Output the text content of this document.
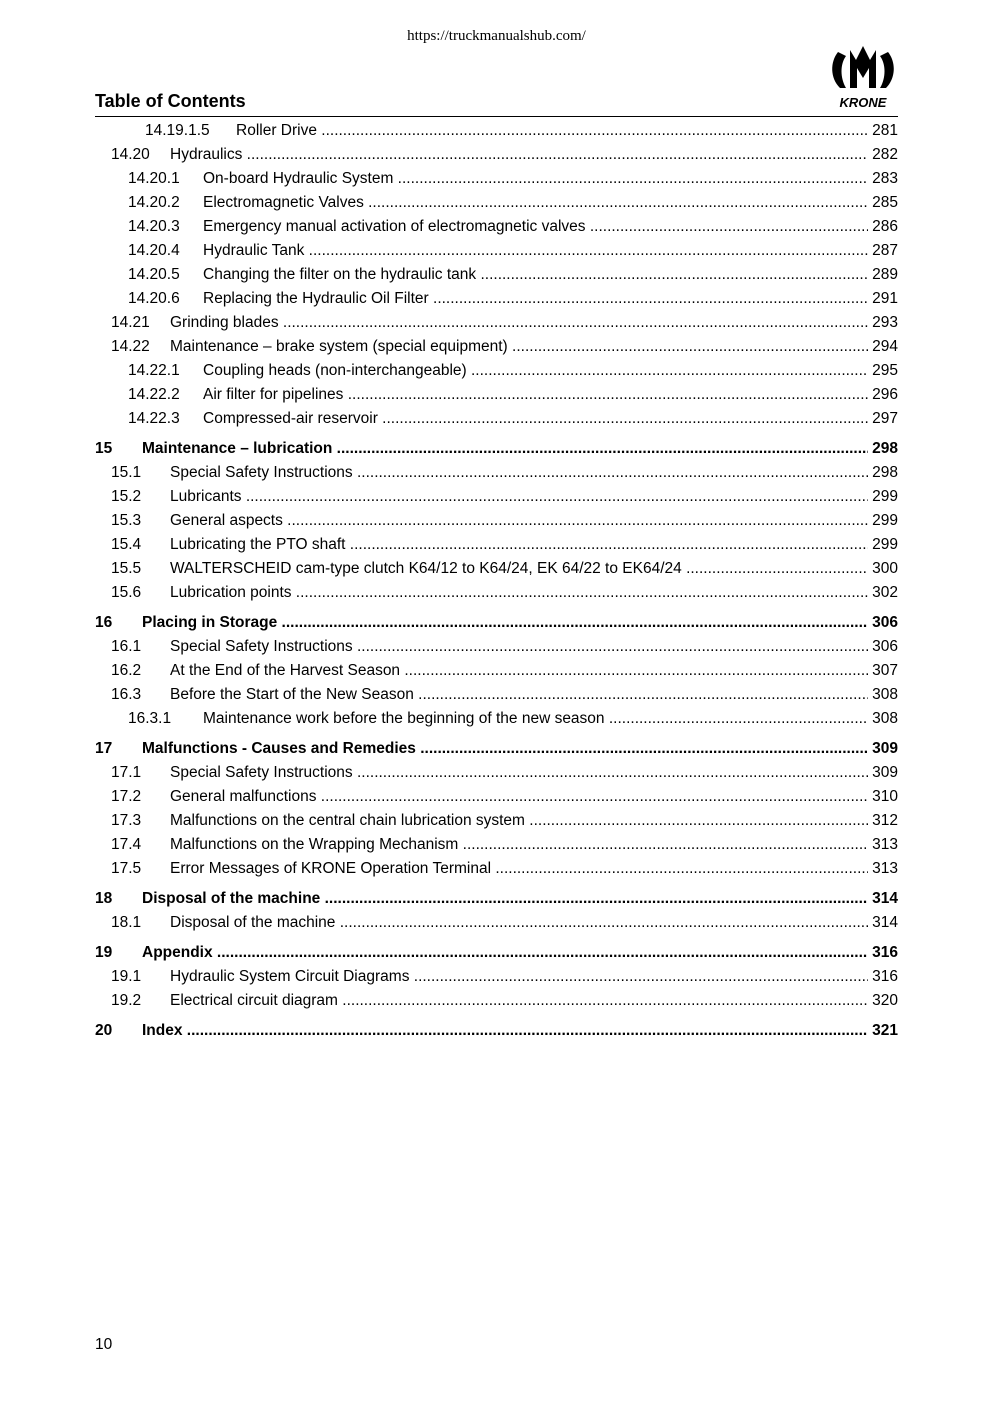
https://truckmanualshub.com/
KRONE
Table of Contents
14.19.1.5 Roller Drive .....	281
14.20 Hydraulics .....	282
14.20.1 On-board Hydraulic System .....	283
14.20.2 Electromagnetic Valves .....	285
14.20.3 Emergency manual activation of electromagnetic valves .....	286
14.20.4 Hydraulic Tank .....	287
14.20.5 Changing the filter on the hydraulic tank .....	289
14.20.6 Replacing the Hydraulic Oil Filter .....	291
14.21 Grinding blades .....	293
14.22 Maintenance – brake system (special equipment) .....	294
14.22.1 Coupling heads (non-interchangeable) .....	295
14.22.2 Air filter for pipelines .....	296
14.22.3 Compressed-air reservoir .....	297
15 Maintenance – lubrication .....	298
15.1 Special Safety Instructions .....	298
15.2 Lubricants .....	299
15.3 General aspects .....	299
15.4 Lubricating the PTO shaft .....	299
15.5 WALTERSCHEID cam-type clutch K64/12 to K64/24, EK 64/22 to EK64/24 .....	300
15.6 Lubrication points .....	302
16 Placing in Storage .....	306
16.1 Special Safety Instructions .....	306
16.2 At the End of the Harvest Season .....	307
16.3 Before the Start of the New Season .....	308
16.3.1 Maintenance work before the beginning of the new season .....	308
17 Malfunctions - Causes and Remedies .....	309
17.1 Special Safety Instructions .....	309
17.2 General malfunctions .....	310
17.3 Malfunctions on the central chain lubrication system .....	312
17.4 Malfunctions on the Wrapping Mechanism .....	313
17.5 Error Messages of KRONE Operation Terminal .....	313
18 Disposal of the machine .....	314
18.1 Disposal of the machine .....	314
19 Appendix .....	316
19.1 Hydraulic System Circuit Diagrams .....	316
19.2 Electrical circuit diagram .....	320
20 Index .....	321
10
